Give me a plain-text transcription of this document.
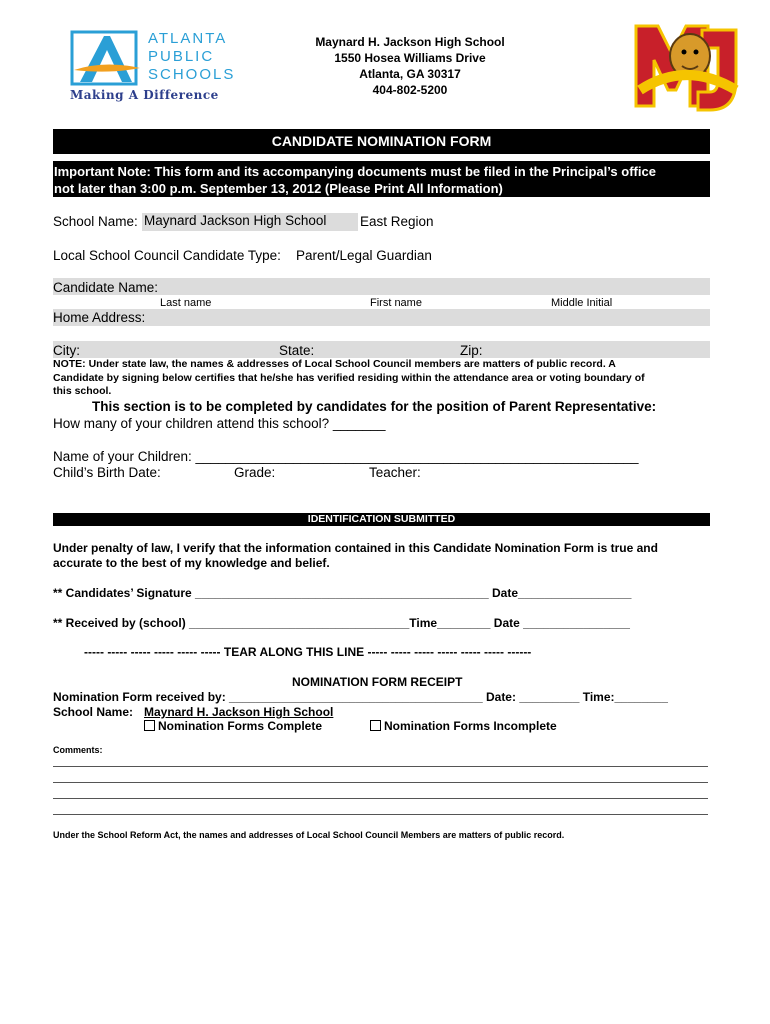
ATLANTA
PUBLIC
SCHOOLS
Making A Difference
Maynard H. Jackson High School
1550 Hosea Williams Drive
Atlanta, GA 30317
404-802-5200
CANDIDATE NOMINATION FORM
Important Note: This form and its accompanying documents must be filed in the Principal’s office
not later than 3:00 p.m. September 13, 2012 (Please Print All Information)
School Name: Maynard Jackson High School	East Region
Local School Council Candidate Type: Parent/Legal Guardian
Candidate Name:
Last name	First name	Middle Initial
Home Address:
City:	State:	Zip:
NOTE: Under state law, the names & addresses of Local School Council members are matters of public record. A
Candidate by signing below certifies that he/she has verified residing within the attendance area or voting boundary of
this school.
This section is to be completed by candidates for the position of Parent Representative:
How many of your children attend this school? _______
Name of your Children: ___________________________________________________________
Child’s Birth Date:	Grade:	Teacher:
IDENTIFICATION SUBMITTED
Under penalty of law, I verify that the information contained in this Candidate Nomination Form is true and
accurate to the best of my knowledge and belief.
** Candidates’ Signature ____________________________________________ Date_________________
** Received by (school) _________________________________Time________ Date ________________
----- ----- ----- ----- ----- ----- TEAR ALONG THIS LINE ----- ----- ----- ----- ----- ----- ------
NOMINATION FORM RECEIPT
Nomination Form received by: ______________________________________ Date: _________ Time:________
School Name: Maynard H. Jackson High School
Nomination Forms Complete	Nomination Forms Incomplete
Comments:
Under the School Reform Act, the names and addresses of Local School Council Members are matters of public record.
